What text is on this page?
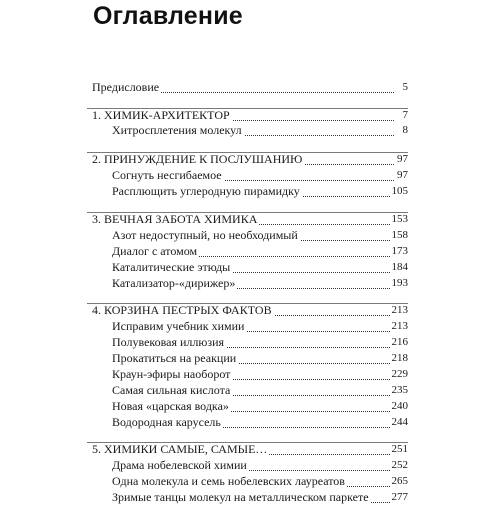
Оглавление
Предисловие	5
1. ХИМИК-АРХИТЕКТОР	7
Хитросплетения молекул	8
2. ПРИНУЖДЕНИЕ К ПОСЛУШАНИЮ	97
Согнуть несгибаемое	97
Расплющить углеродную пирамидку	105
3. ВЕЧНАЯ ЗАБОТА ХИМИКА	153
Азот недоступный, но необходимый	158
Диалог с атомом	173
Каталитические этюды	184
Катализатор-«дирижер»	193
4. КОРЗИНА ПЕСТРЫХ ФАКТОВ	213
Исправим учебник химии	213
Полувековая иллюзия	216
Прокатиться на реакции	218
Краун-эфиры наоборот	229
Самая сильная кислота	235
Новая «царская водка»	240
Водородная карусель	244
5. ХИМИКИ САМЫЕ, САМЫЕ…	251
Драма нобелевской химии	252
Одна молекула и семь нобелевских лауреатов	265
Зримые танцы молекул на металлическом паркете 277
